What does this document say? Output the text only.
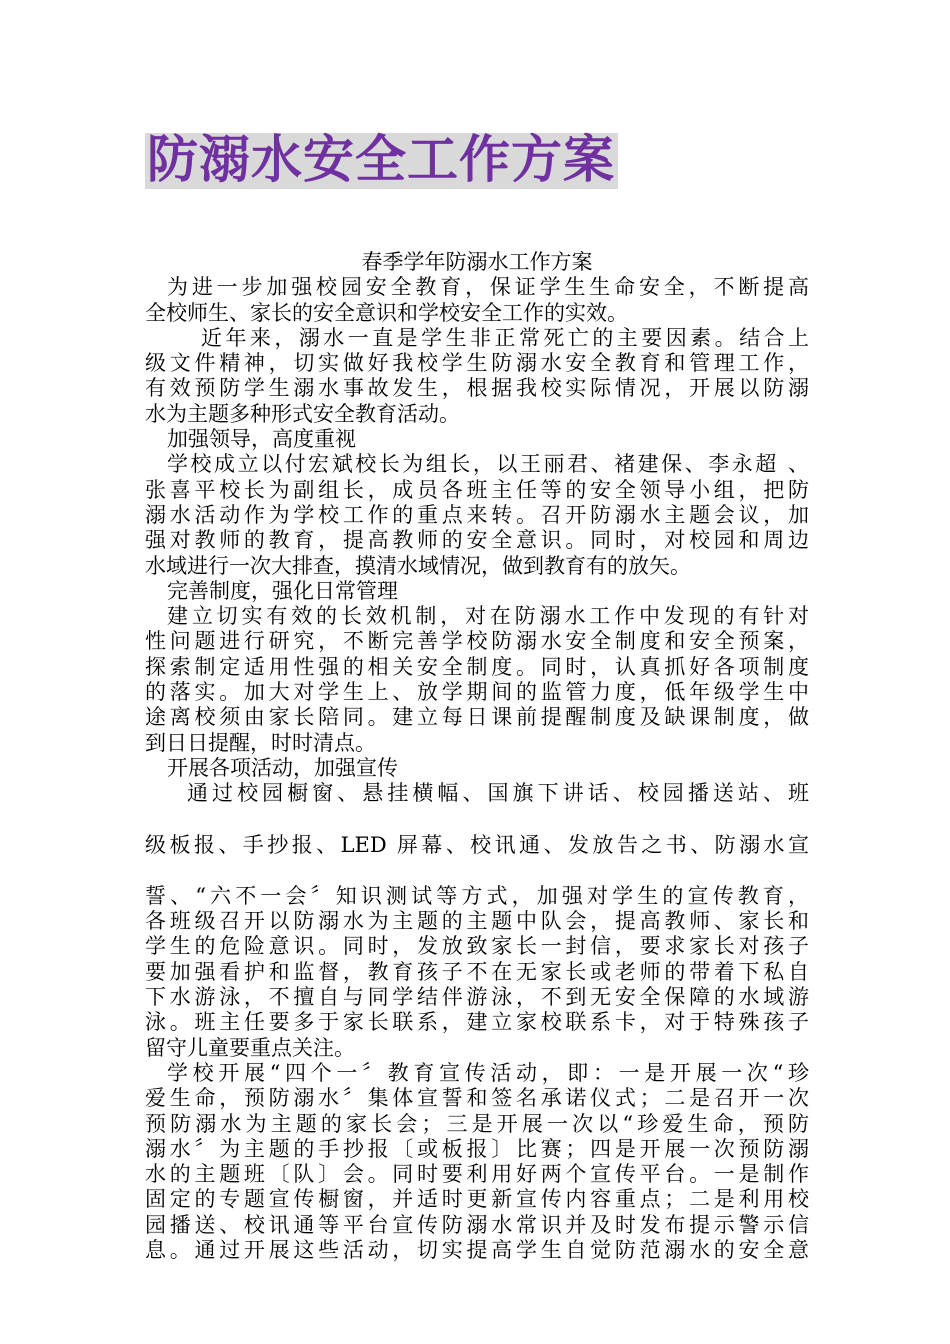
防溺水安全工作方案
春季学年防溺水工作方案
为进一步加强校园安全教育，保证学生生命安全，不断提高
全校师生、家长的安全意识和学校安全工作的实效。
近年来，溺水一直是学生非正常死亡的主要因素。结合上
级文件精神，切实做好我校学生防溺水安全教育和管理工作，
有效预防学生溺水事故发生，根据我校实际情况，开展以防溺
水为主题多种形式安全教育活动。
加强领导，高度重视
学校成立以付宏斌校长为组长，以王丽君、褚建保、李永超 、
张喜平校长为副组长，成员各班主任等的安全领导小组，把防
溺水活动作为学校工作的重点来转。召开防溺水主题会议，加
强对教师的教育，提高教师的安全意识。同时，对校园和周边
水域进行一次大排查，摸清水域情况，做到教育有的放矢。
完善制度，强化日常管理
建立切实有效的长效机制，对在防溺水工作中发现的有针对
性问题进行研究，不断完善学校防溺水安全制度和安全预案，
探索制定适用性强的相关安全制度。同时，认真抓好各项制度
的落实。加大对学生上、放学期间的监管力度，低年级学生中
途离校须由家长陪同。建立每日课前提醒制度及缺课制度，做
到日日提醒，时时清点。
开展各项活动，加强宣传
通过校园橱窗、悬挂横幅、国旗下讲话、校园播送站、班
级板报、手抄报、LED 屏幕、校讯通、发放告之书、防溺水宣
誓、“六不一会〞知识测试等方式，加强对学生的宣传教育，
各班级召开以防溺水为主题的主题中队会，提高教师、家长和
学生的危险意识。同时，发放致家长一封信，要求家长对孩子
要加强看护和监督，教育孩子不在无家长或老师的带着下私自
下水游泳，不擅自与同学结伴游泳，不到无安全保障的水域游
泳。班主任要多于家长联系，建立家校联系卡，对于特殊孩子
留守儿童要重点关注。
学校开展“四个一〞教育宣传活动，即：一是开展一次“珍
爱生命，预防溺水〞集体宣誓和签名承诺仪式；二是召开一次
预防溺水为主题的家长会；三是开展一次以“珍爱生命，预防
溺水〞为主题的手抄报〔或板报〕比赛；四是开展一次预防溺
水的主题班〔队〕会。同时要利用好两个宣传平台。一是制作
固定的专题宣传橱窗，并适时更新宣传内容重点；二是利用校
园播送、校讯通等平台宣传防溺水常识并及时发布提示警示信
息。通过开展这些活动，切实提高学生自觉防范溺水的安全意
